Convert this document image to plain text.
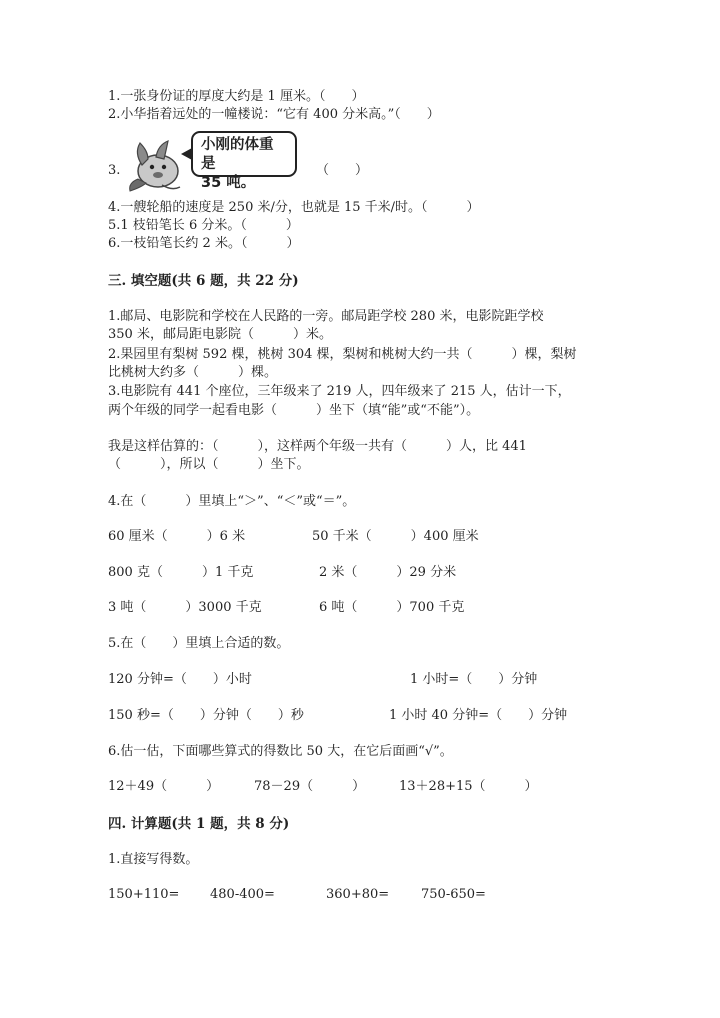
1.一张身份证的厚度大约是 1 厘米。（　　）
2.小华指着远处的一幢楼说：“它有 400 分米高。”（　　）
3.
小刚的体重是
35 吨。
（　　）
4.一艘轮船的速度是 250 米/分，也就是 15 千米/时。（　　　）
5.1 枝铅笔长 6 分米。（　　　）
6.一枝铅笔长约 2 米。（　　　）
三. 填空题(共 6 题，共 22 分)
1.邮局、电影院和学校在人民路的一旁。邮局距学校 280 米，电影院距学校
350 米，邮局距电影院（　　　）米。
2.果园里有梨树 592 棵，桃树 304 棵，梨树和桃树大约一共（　　　）棵，梨树
比桃树大约多（　　　）棵。
3.电影院有 441 个座位，三年级来了 219 人，四年级来了 215 人，估计一下，
两个年级的同学一起看电影（　　　）坐下（填“能”或“不能”）。
我是这样估算的：（　　　），这样两个年级一共有（　　　）人，比 441
（　　　），所以（　　　）坐下。
4.在（　　　）里填上“＞”、“＜”或“＝”。
60 厘米（　　　）6 米	50 千米（　　　）400 厘米
800 克（　　　）1 千克	2 米（　　　）29 分米
3 吨（　　　）3000 千克	6 吨（　　　）700 千克
5.在（　　）里填上合适的数。
120 分钟=（　　）小时	1 小时=（　　）分钟
150 秒=（　　）分钟（　　）秒	1 小时 40 分钟=（　　）分钟
6.估一估，下面哪些算式的得数比 50 大，在它后面画“√”。
12＋49（　　　）	78－29（　　　）	13＋28+15（　　　）
四. 计算题(共 1 题，共 8 分)
1.直接写得数。
150+110= 480-400=	360+80= 750-650=
